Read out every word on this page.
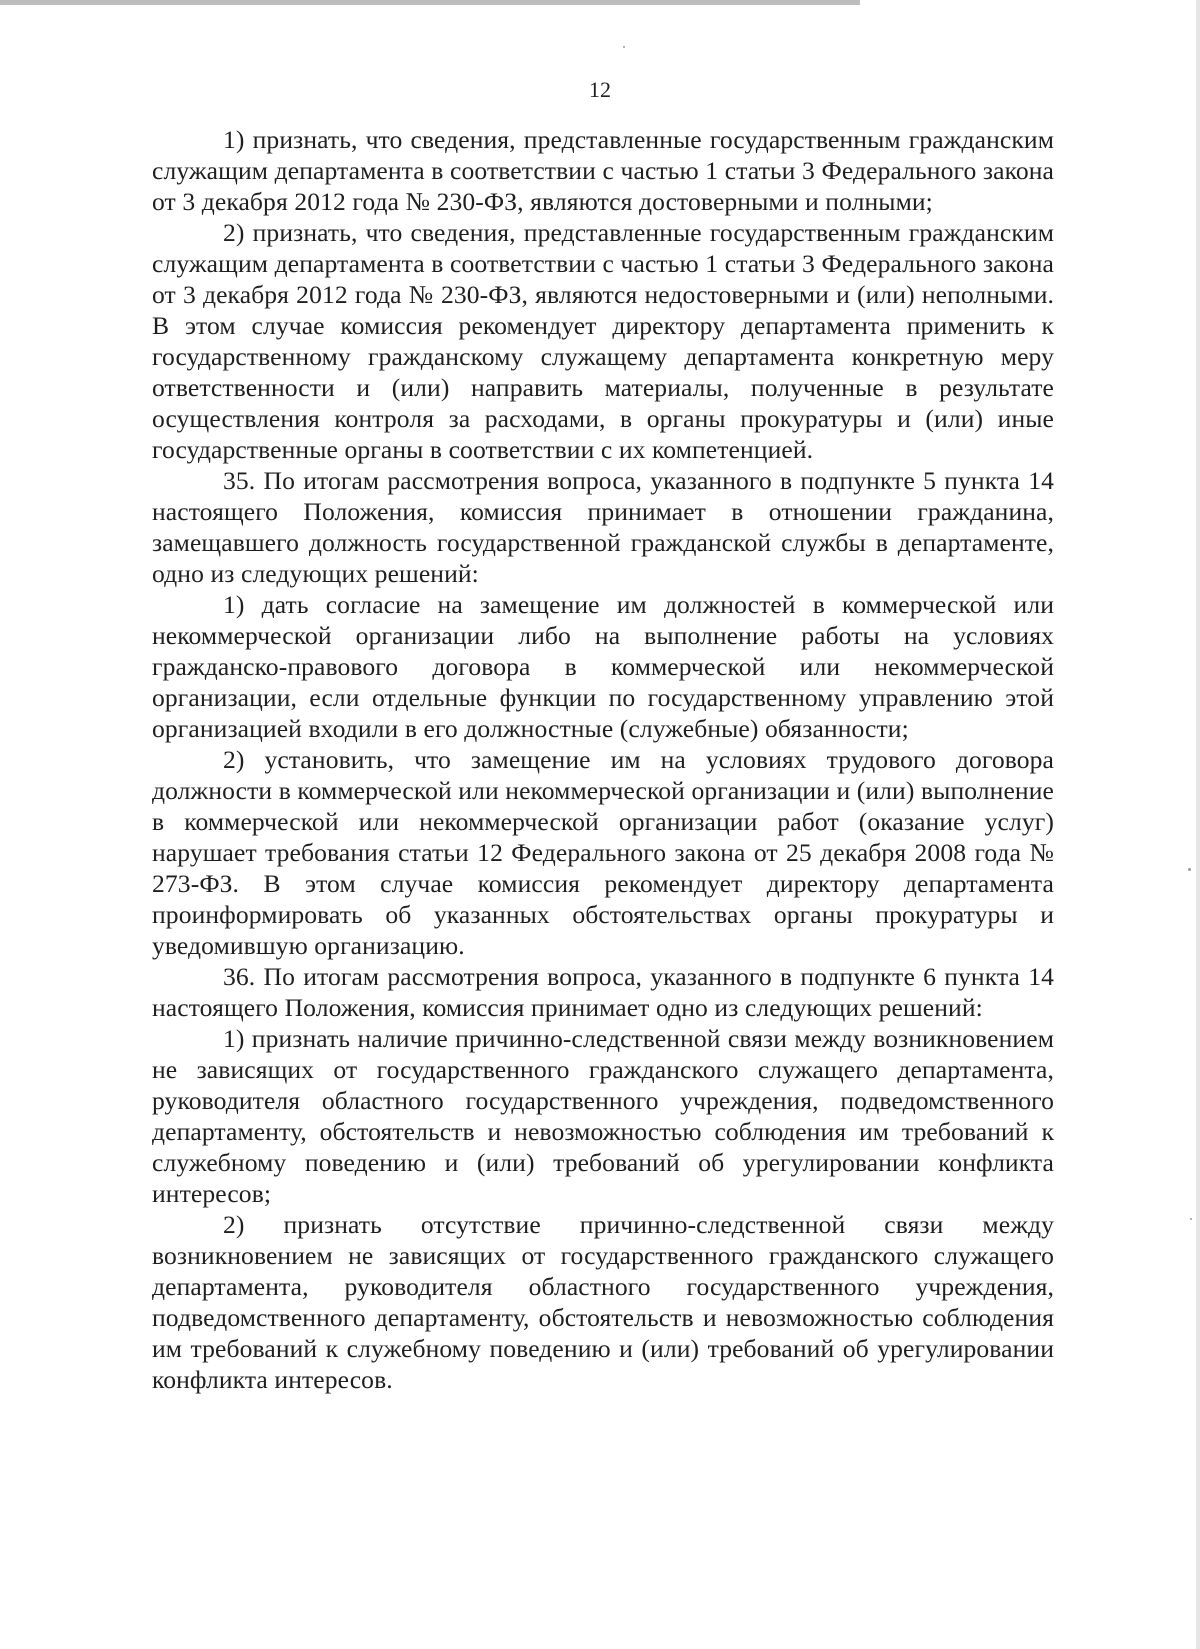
12

1) признать, что сведения, представленные государственным гражданским служащим департамента в соответствии с частью 1 статьи 3 Федерального закона от 3 декабря 2012 года № 230-ФЗ, являются достоверными и полными;

2) признать, что сведения, представленные государственным гражданским служащим департамента в соответствии с частью 1 статьи 3 Федерального закона от 3 декабря 2012 года № 230-ФЗ, являются недостоверными и (или) неполными. В этом случае комиссия рекомендует директору департамента применить к государственному гражданскому служащему департамента конкретную меру ответственности и (или) направить материалы, полученные в результате осуществления контроля за расходами, в органы прокуратуры и (или) иные государственные органы в соответствии с их компетенцией.

35. По итогам рассмотрения вопроса, указанного в подпункте 5 пункта 14 настоящего Положения, комиссия принимает в отношении гражданина, замещавшего должность государственной гражданской службы в департаменте, одно из следующих решений:

1) дать согласие на замещение им должностей в коммерческой или некоммерческой организации либо на выполнение работы на условиях гражданско-правового договора в коммерческой или некоммерческой организации, если отдельные функции по государственному управлению этой организацией входили в его должностные (служебные) обязанности;

2) установить, что замещение им на условиях трудового договора должности в коммерческой или некоммерческой организации и (или) выполнение в коммерческой или некоммерческой организации работ (оказание услуг) нарушает требования статьи 12 Федерального закона от 25 декабря 2008 года № 273-ФЗ. В этом случае комиссия рекомендует директору департамента проинформировать об указанных обстоятельствах органы прокуратуры и уведомившую организацию.

36. По итогам рассмотрения вопроса, указанного в подпункте 6 пункта 14 настоящего Положения, комиссия принимает одно из следующих решений:

1) признать наличие причинно-следственной связи между возникновением не зависящих от государственного гражданского служащего департамента, руководителя областного государственного учреждения, подведомственного департаменту, обстоятельств и невозможностью соблюдения им требований к служебному поведению и (или) требований об урегулировании конфликта интересов;

2) признать отсутствие причинно-следственной связи между возникновением не зависящих от государственного гражданского служащего департамента, руководителя областного государственного учреждения, подведомственного департаменту, обстоятельств и невозможностью соблюдения им требований к служебному поведению и (или) требований об урегулировании конфликта интересов.
